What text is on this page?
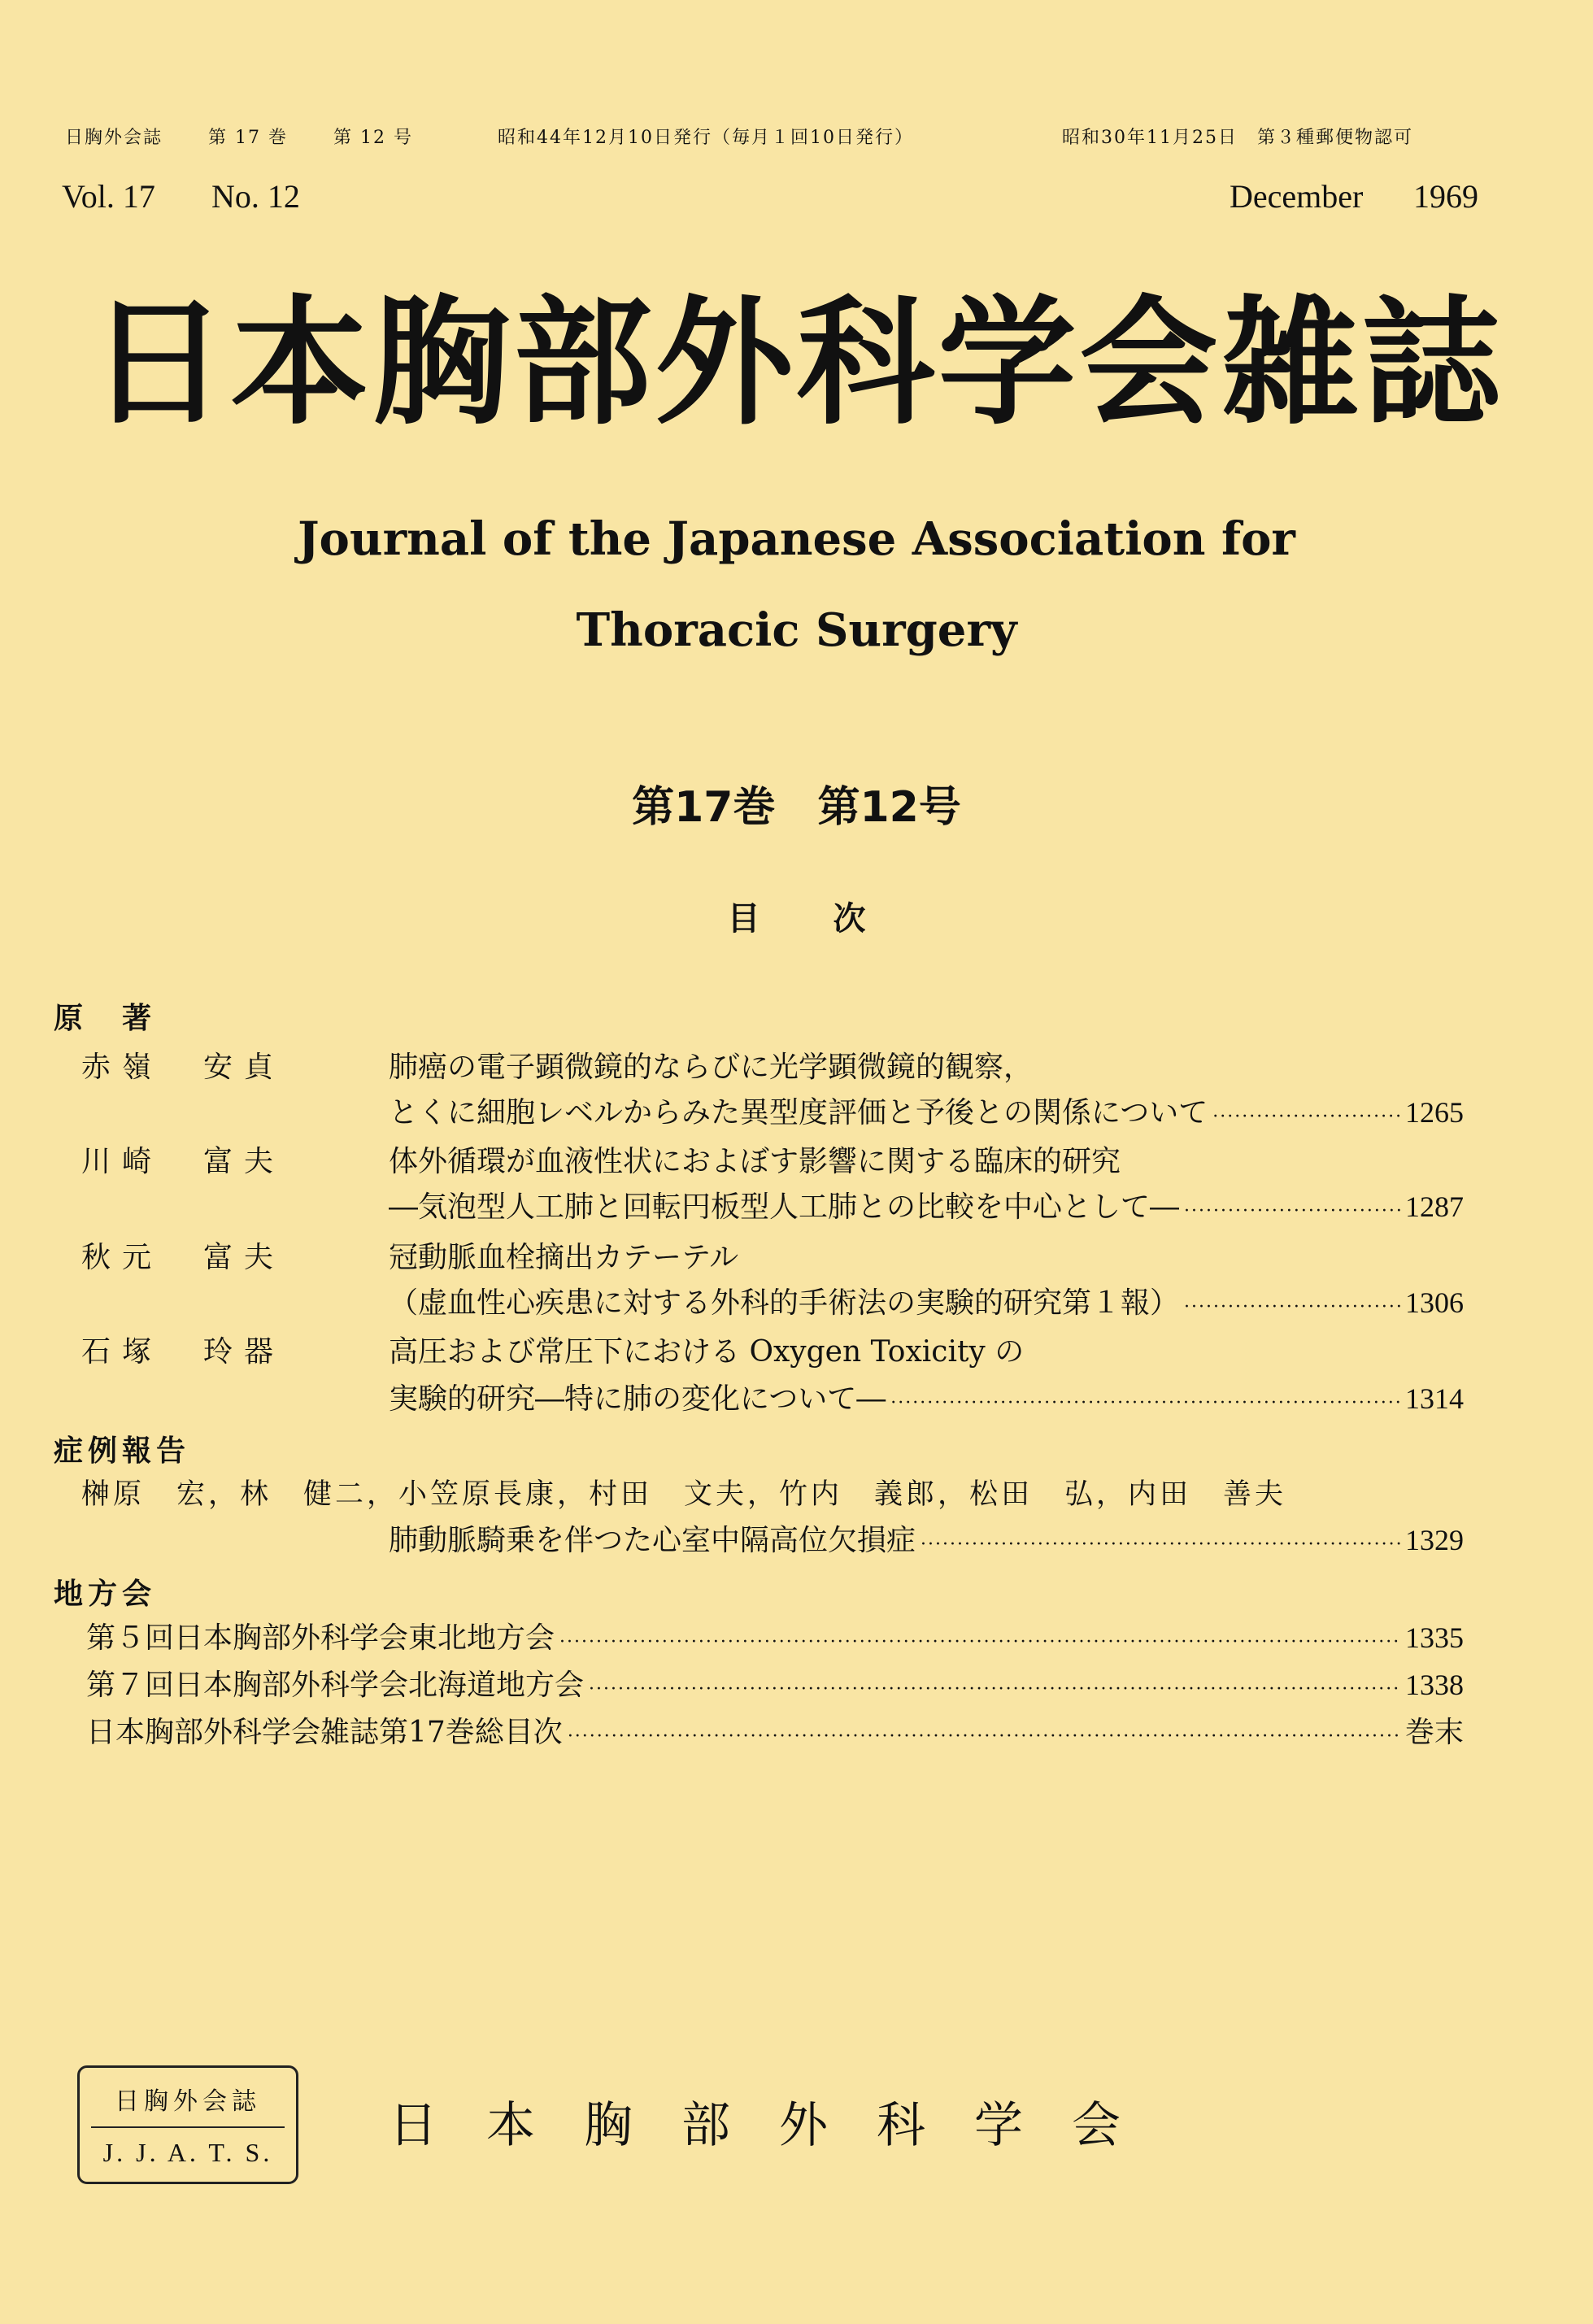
日胸外会誌	第 17 巻	第 12 号	昭和44年12月10日発行（毎月１回10日発行）	昭和30年11月25日　第３種郵便物認可
Vol. 17 No. 12	December 1969
日本胸部外科学会雑誌
Journal of the Japanese Association for
Thoracic Surgery
第17巻　第12号
目次
原　著
赤嶺　安貞	肺癌の電子顕微鏡的ならびに光学顕微鏡的観察，
とくに細胞レベルからみた異型度評価と予後との関係について ·····	1265
川崎　富夫	体外循環が血液性状におよぼす影響に関する臨床的研究
―気泡型人工肺と回転円板型人工肺との比較を中心として― ·····	1287
秋元　富夫	冠動脈血栓摘出カテーテル
（虚血性心疾患に対する外科的手術法の実験的研究第１報） ·····	1306
石塚　玲器	高圧および常圧下における Oxygen Toxicity の
実験的研究―特に肺の変化について― ·····	1314
症例報告
榊原　宏，林　健二，小笠原長康，村田　文夫，竹内　義郎，松田　弘，内田　善夫
肺動脈騎乗を伴つた心室中隔高位欠損症 ·····	1329
地方会
第５回日本胸部外科学会東北地方会 ·····	1335
第７回日本胸部外科学会北海道地方会 ·····	1338
日本胸部外科学会雑誌第17巻総目次 ·····	巻末
日胸外会誌
J. J. A. T. S.	日本胸部外科学会
